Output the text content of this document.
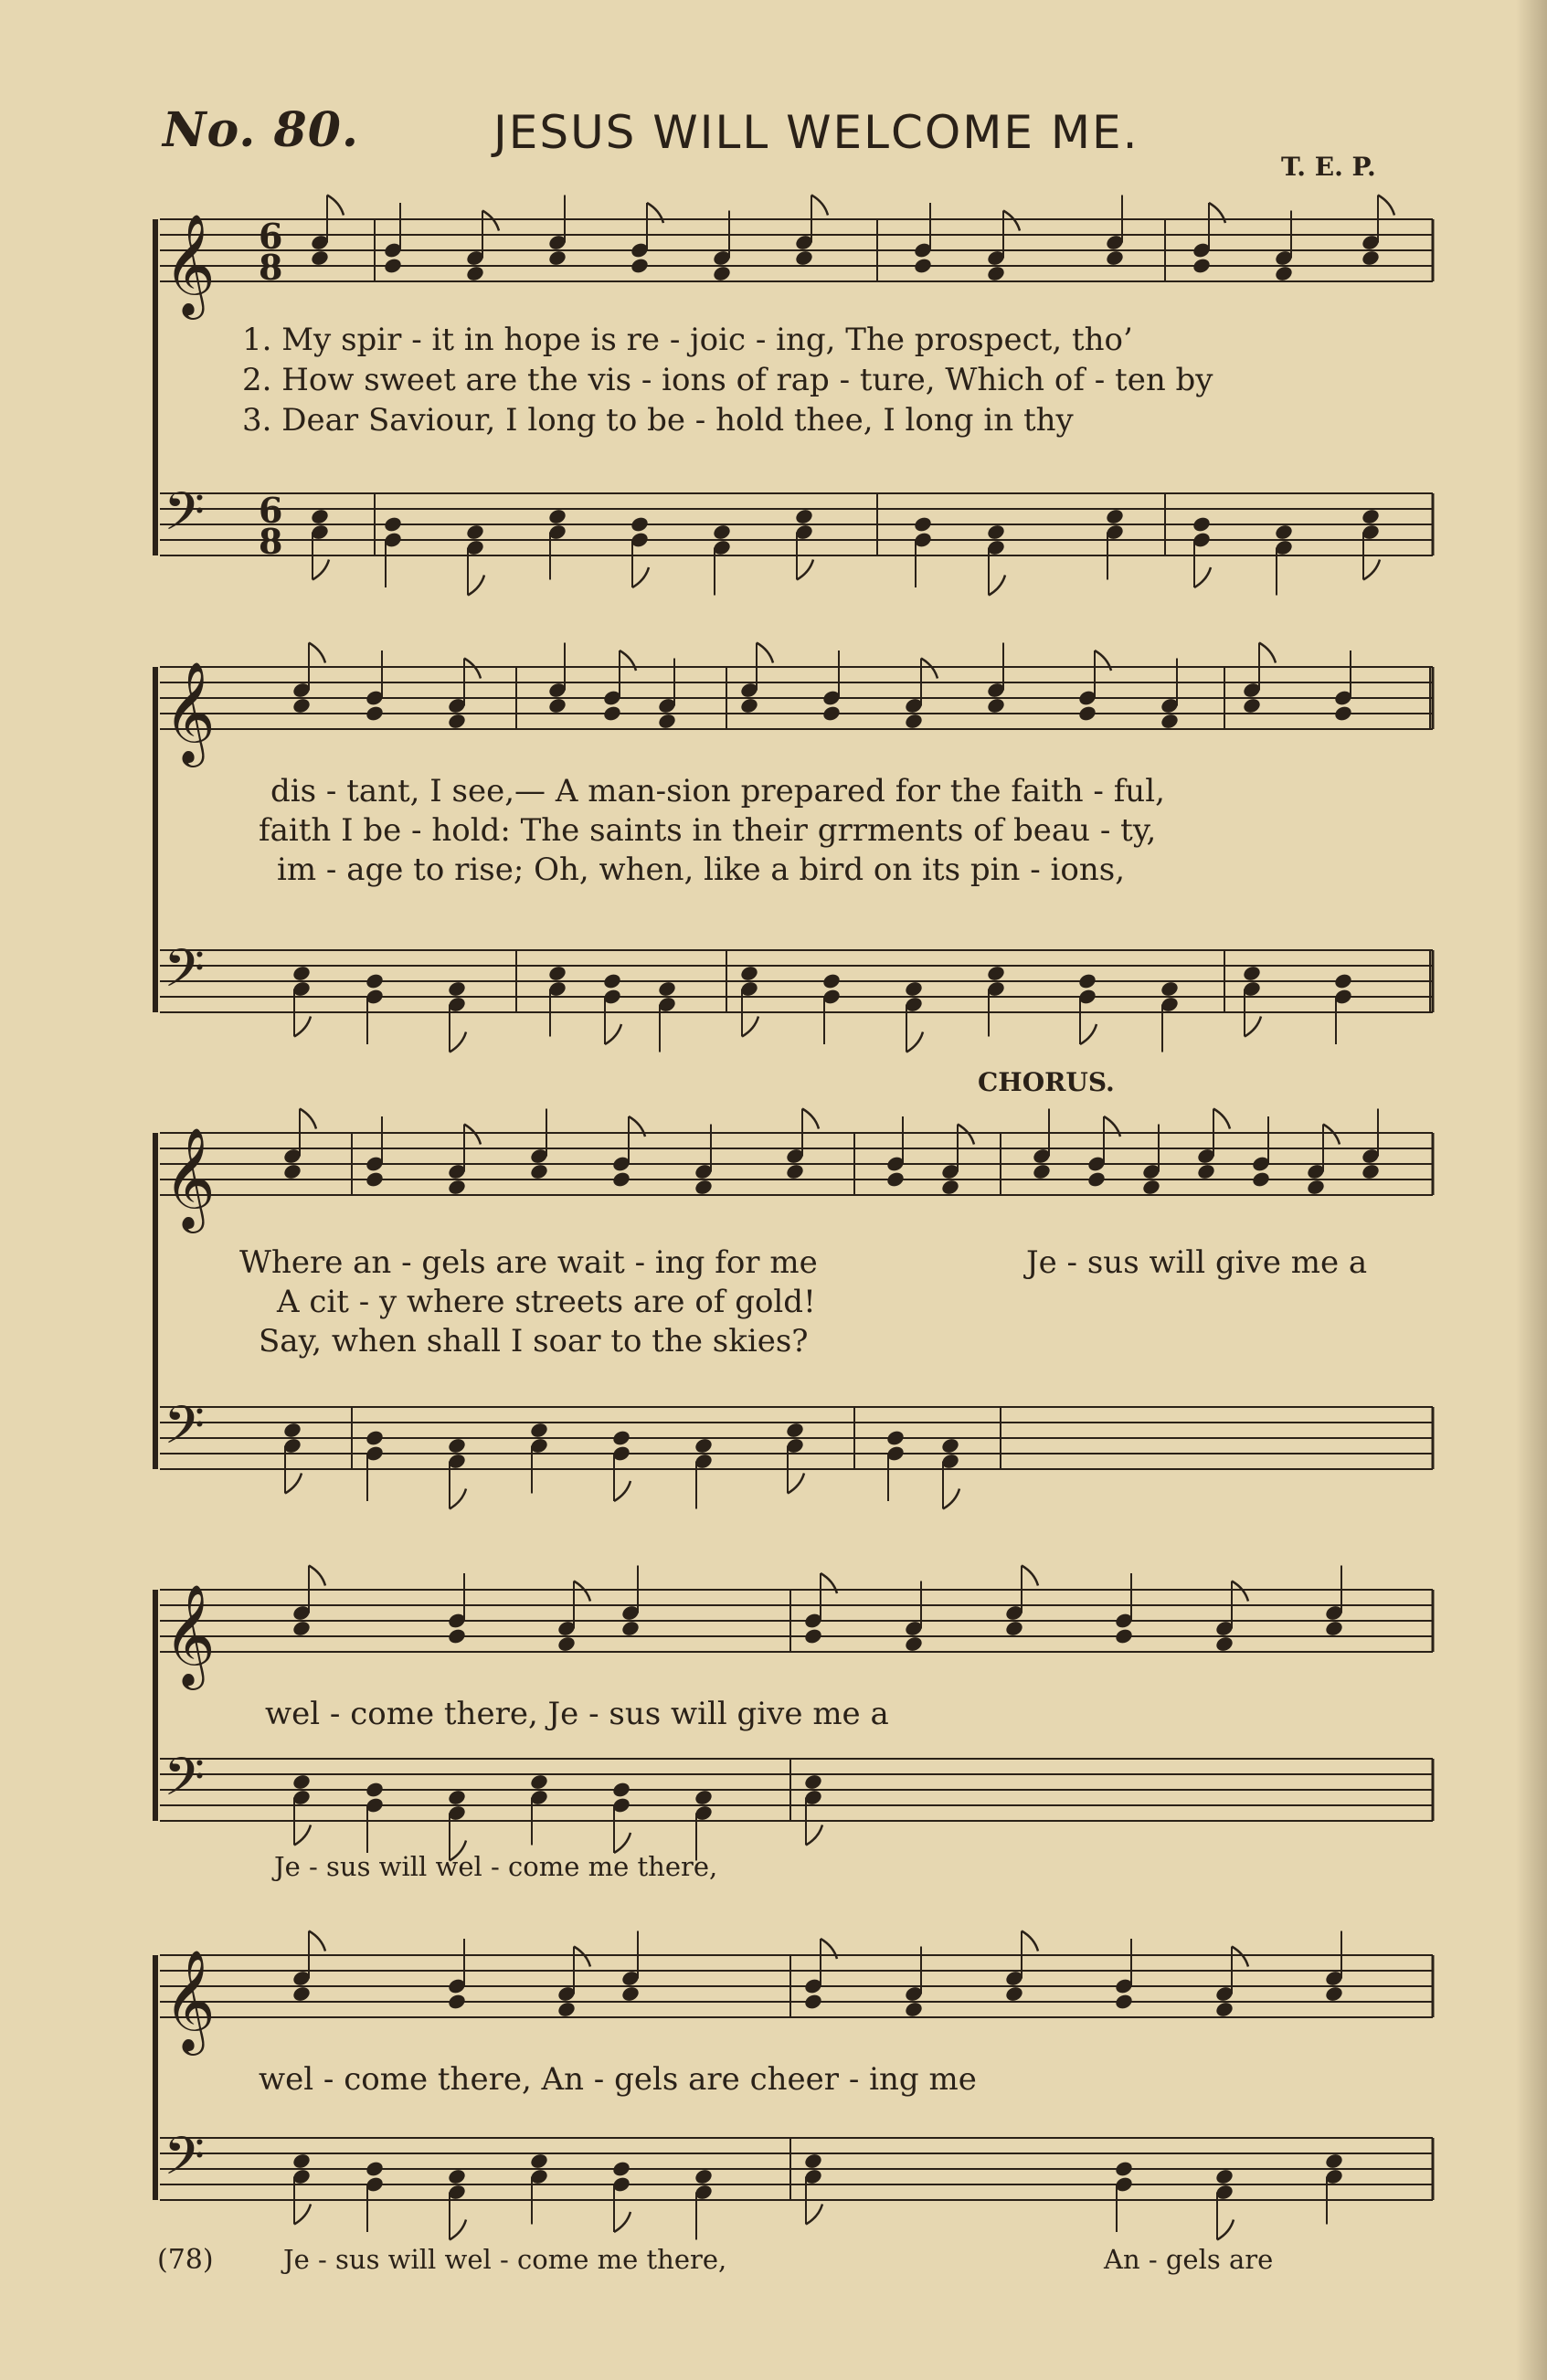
No. 80.	JESUS WILL WELCOME ME.
T. E. P.
𝄞 6
8
𝄢 6
8
𝄞
𝄢
𝄞
𝄢
𝄞
𝄢
𝄞
𝄢
1. My spir - it in hope is re - joic - ing, The prospect, tho’
2. How sweet are the vis - ions of rap - ture, Which of - ten by
3. Dear Saviour, I long to be - hold thee, I long in thy
dis - tant, I see,— A man-sion prepared for the faith - ful,
faith I be - hold: The saints in their grrments of beau - ty,
im - age to rise; Oh, when, like a bird on its pin - ions,
CHORUS.
Where an - gels are wait - ing for me
A cit - y where streets are of gold!
Say, when shall I soar to the skies?
Je - sus will give me a
wel - come there, Je - sus will give me a
Je - sus will wel - come me there,
wel - come there, An - gels are cheer - ing me
(78)	Je - sus will wel - come me there,	An - gels are
